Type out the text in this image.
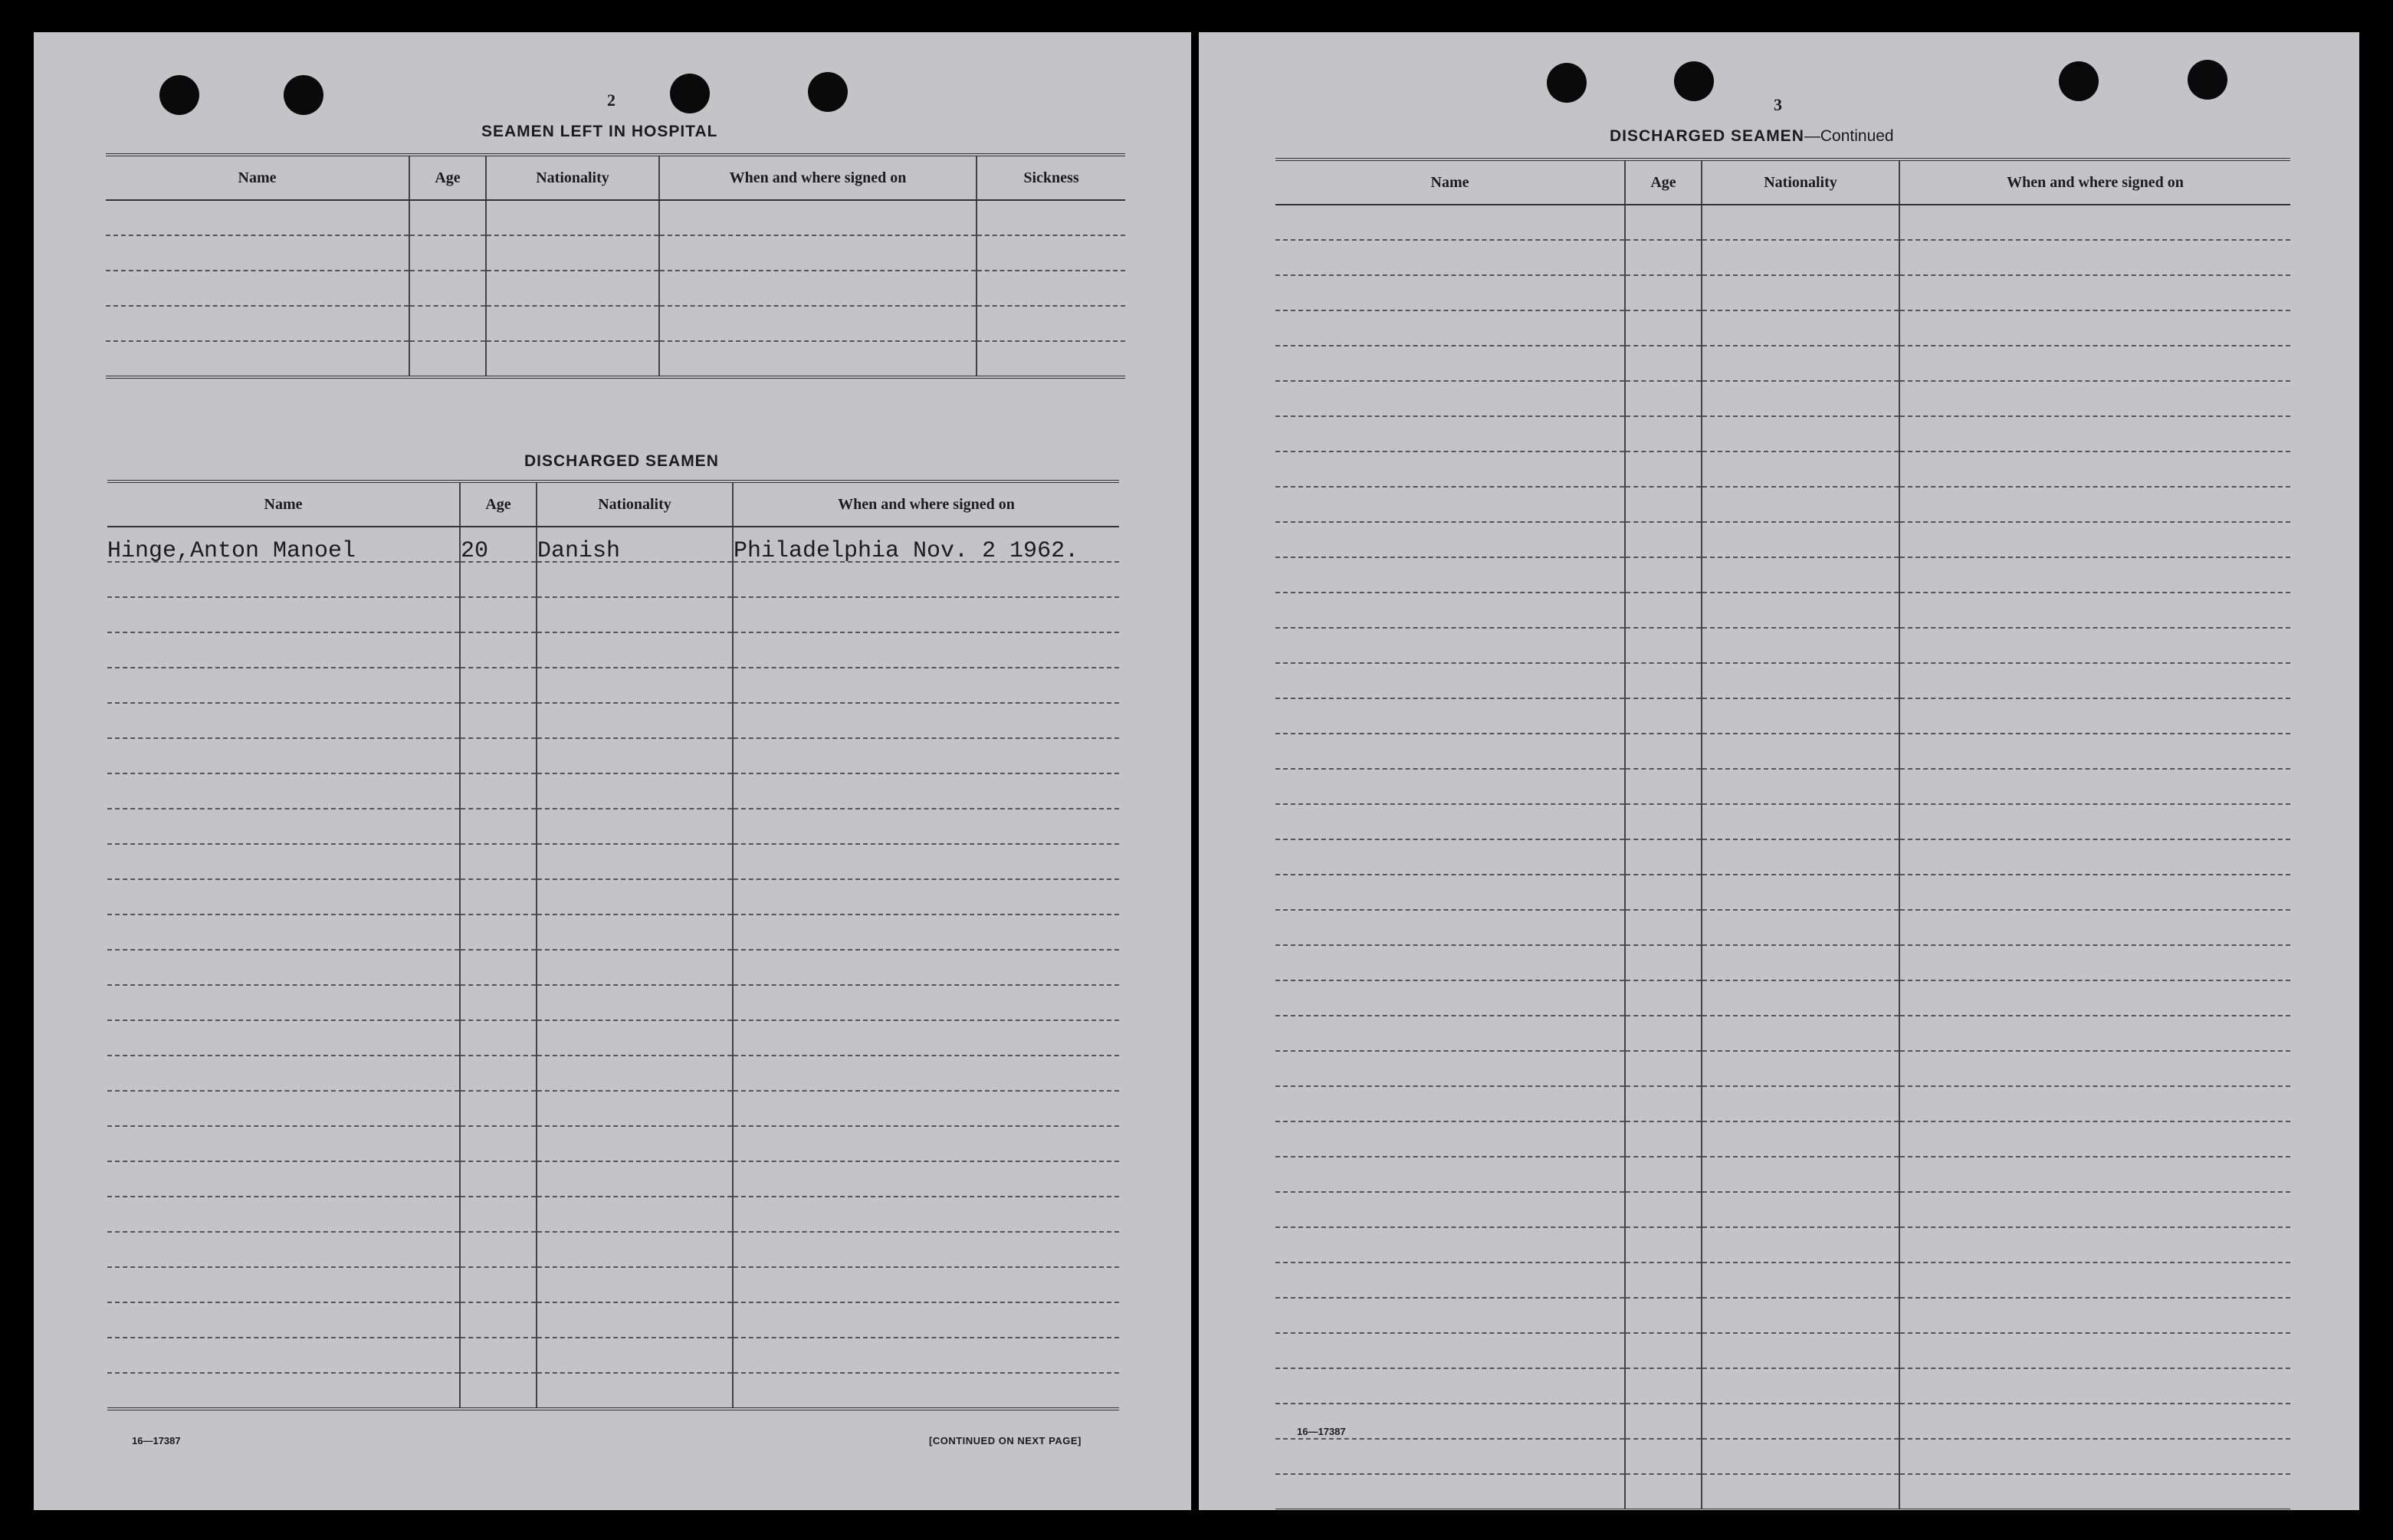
2
SEAMEN LEFT IN HOSPITAL
Name	Age	Nationality	When and where signed on	Sickness

DISCHARGED SEAMEN
Name	Age	Nationality	When and where signed on
Hinge,Anton Manoel	20	Danish	Philadelphia Nov. 2 1962.

16—17387	[CONTINUED ON NEXT PAGE]
3
DISCHARGED SEAMEN—Continued
Name	Age	Nationality	When and where signed on

16—17387
